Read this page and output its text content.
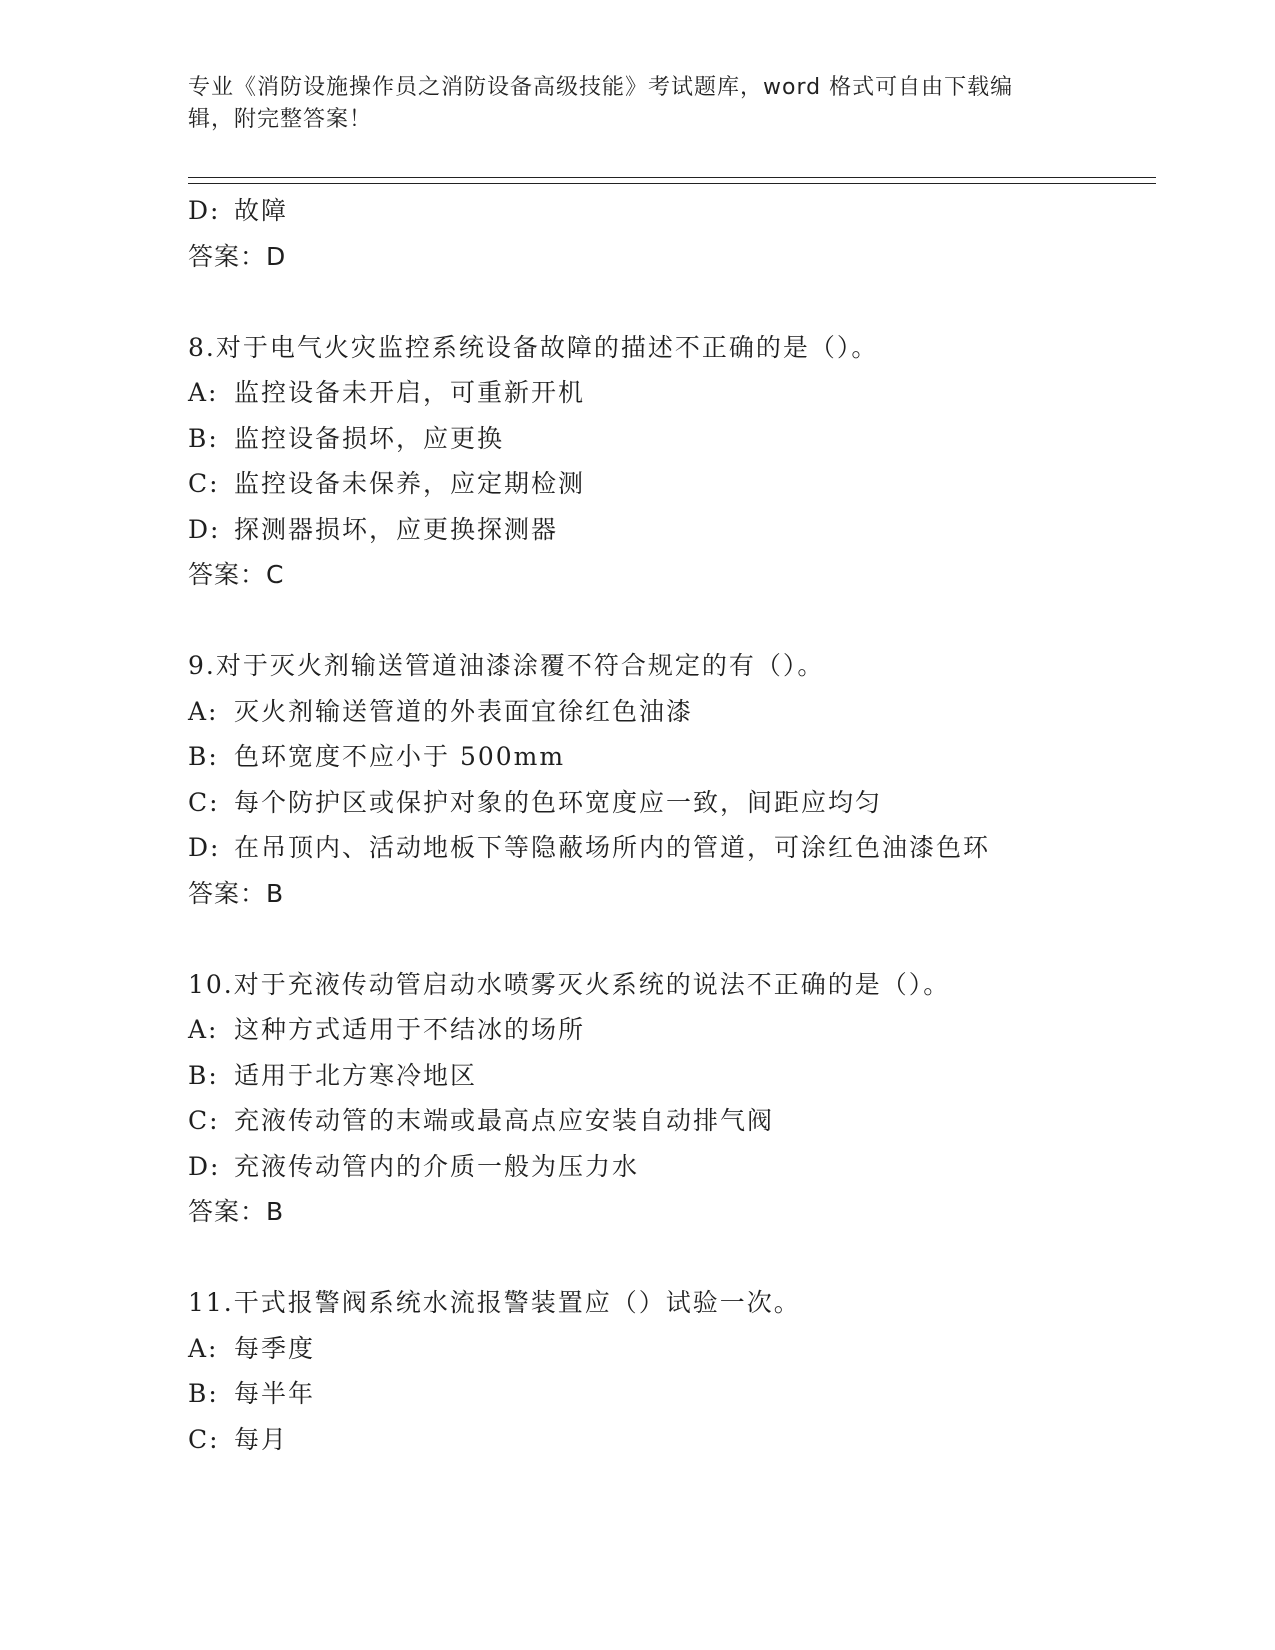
专业《消防设施操作员之消防设备高级技能》考试题库，word 格式可自由下载编
辑，附完整答案！
D: 故障
答案：D
8.对于电气火灾监控系统设备故障的描述不正确的是（）。
A: 监控设备未开启，可重新开机
B: 监控设备损坏，应更换
C: 监控设备未保养，应定期检测
D: 探测器损坏，应更换探测器
答案：C
9.对于灭火剂输送管道油漆涂覆不符合规定的有（）。
A: 灭火剂输送管道的外表面宜徐红色油漆
B: 色环宽度不应小于 500mm
C: 每个防护区或保护对象的色环宽度应一致，间距应均匀
D: 在吊顶内、活动地板下等隐蔽场所内的管道，可涂红色油漆色环
答案：B
10.对于充液传动管启动水喷雾灭火系统的说法不正确的是（）。
A: 这种方式适用于不结冰的场所
B: 适用于北方寒冷地区
C: 充液传动管的末端或最高点应安装自动排气阀
D: 充液传动管内的介质一般为压力水
答案：B
11.干式报警阀系统水流报警装置应（）试验一次。
A: 每季度
B: 每半年
C: 每月
